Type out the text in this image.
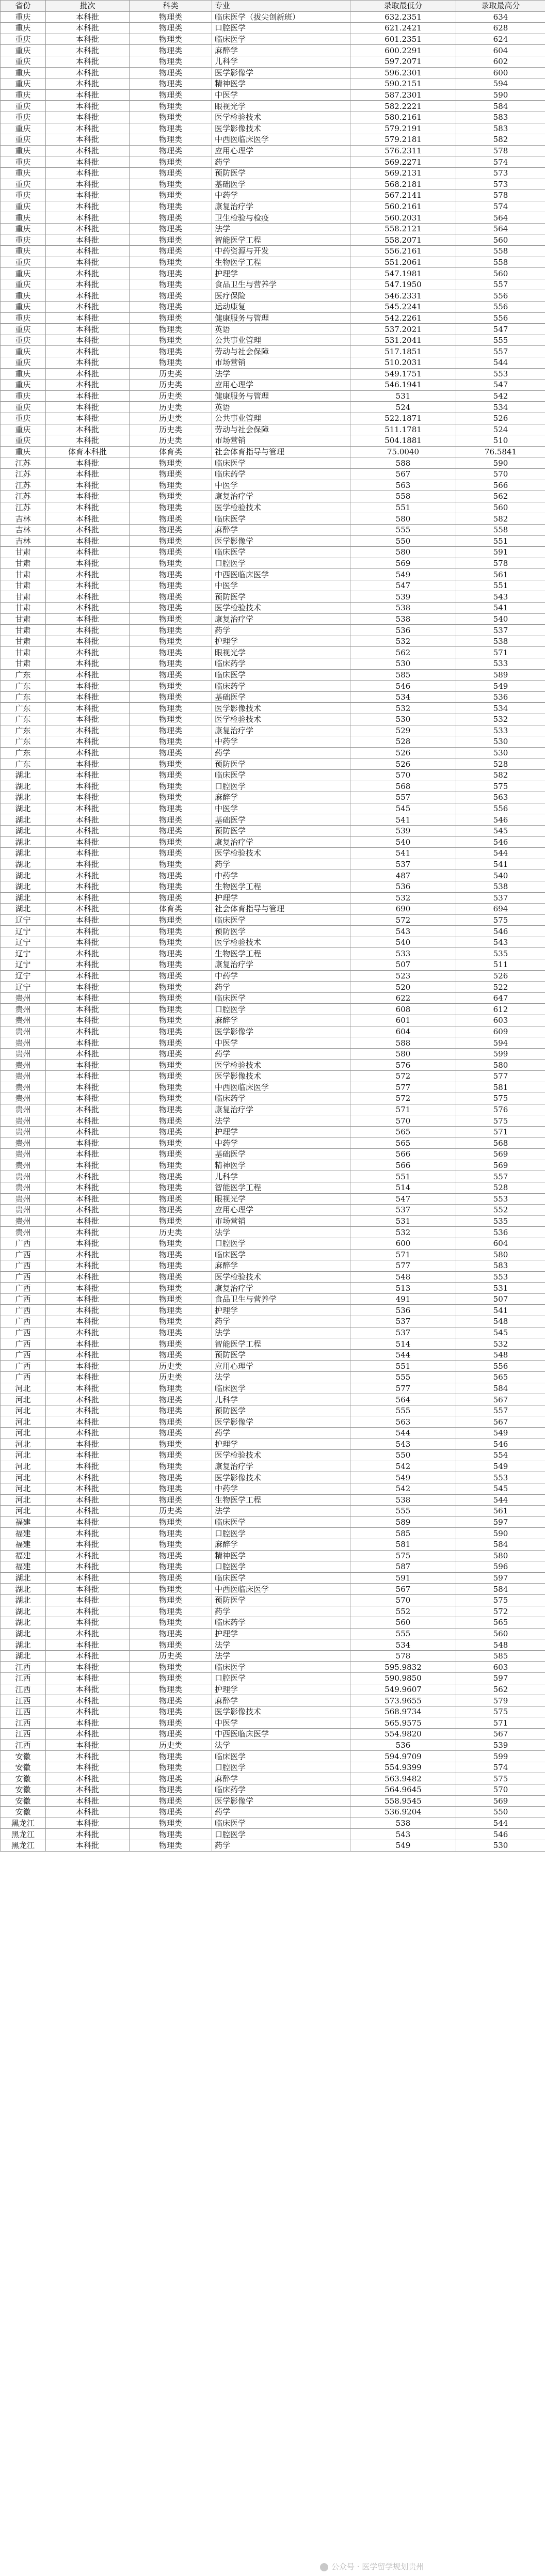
省份	批次	科类	专业	录取最低分	录取最高分
重庆	本科批	物理类	临床医学（拔尖创新班）	632.2351	634
重庆	本科批	物理类	口腔医学	621.2421	628
重庆	本科批	物理类	临床医学	601.2351	624
重庆	本科批	物理类	麻醉学	600.2291	604
重庆	本科批	物理类	儿科学	597.2071	602
重庆	本科批	物理类	医学影像学	596.2301	600
重庆	本科批	物理类	精神医学	590.2151	594
重庆	本科批	物理类	中医学	587.2301	590
重庆	本科批	物理类	眼视光学	582.2221	584
重庆	本科批	物理类	医学检验技术	580.2161	583
重庆	本科批	物理类	医学影像技术	579.2191	583
重庆	本科批	物理类	中西医临床医学	579.2181	582
重庆	本科批	物理类	应用心理学	576.2311	578
重庆	本科批	物理类	药学	569.2271	574
重庆	本科批	物理类	预防医学	569.2131	573
重庆	本科批	物理类	基础医学	568.2181	573
重庆	本科批	物理类	中药学	567.2141	578
重庆	本科批	物理类	康复治疗学	560.2161	574
重庆	本科批	物理类	卫生检验与检疫	560.2031	564
重庆	本科批	物理类	法学	558.2121	564
重庆	本科批	物理类	智能医学工程	558.2071	560
重庆	本科批	物理类	中药资源与开发	556.2161	558
重庆	本科批	物理类	生物医学工程	551.2061	558
重庆	本科批	物理类	护理学	547.1981	560
重庆	本科批	物理类	食品卫生与营养学	547.1950	557
重庆	本科批	物理类	医疗保险	546.2331	556
重庆	本科批	物理类	运动康复	545.2241	556
重庆	本科批	物理类	健康服务与管理	542.2261	556
重庆	本科批	物理类	英语	537.2021	547
重庆	本科批	物理类	公共事业管理	531.2041	555
重庆	本科批	物理类	劳动与社会保障	517.1851	557
重庆	本科批	物理类	市场营销	510.2031	544
重庆	本科批	历史类	法学	549.1751	553
重庆	本科批	历史类	应用心理学	546.1941	547
重庆	本科批	历史类	健康服务与管理	531	542
重庆	本科批	历史类	英语	524	534
重庆	本科批	历史类	公共事业管理	522.1871	526
重庆	本科批	历史类	劳动与社会保障	511.1781	524
重庆	本科批	历史类	市场营销	504.1881	510
重庆	体育本科批	体育类	社会体育指导与管理	75.0040	76.5841
江苏	本科批	物理类	临床医学	588	590
江苏	本科批	物理类	临床药学	567	570
江苏	本科批	物理类	中医学	563	566
江苏	本科批	物理类	康复治疗学	558	562
江苏	本科批	物理类	医学检验技术	551	560
吉林	本科批	物理类	临床医学	580	582
吉林	本科批	物理类	麻醉学	555	558
吉林	本科批	物理类	医学影像学	550	551
甘肃	本科批	物理类	临床医学	580	591
甘肃	本科批	物理类	口腔医学	569	578
甘肃	本科批	物理类	中西医临床医学	549	561
甘肃	本科批	物理类	中医学	547	551
甘肃	本科批	物理类	预防医学	539	543
甘肃	本科批	物理类	医学检验技术	538	541
甘肃	本科批	物理类	康复治疗学	538	540
甘肃	本科批	物理类	药学	536	537
甘肃	本科批	物理类	护理学	532	538
甘肃	本科批	物理类	眼视光学	562	571
甘肃	本科批	物理类	临床药学	530	533
广东	本科批	物理类	临床医学	585	589
广东	本科批	物理类	临床药学	546	549
广东	本科批	物理类	基础医学	534	536
广东	本科批	物理类	医学影像技术	532	534
广东	本科批	物理类	医学检验技术	530	532
广东	本科批	物理类	康复治疗学	529	533
广东	本科批	物理类	中药学	528	530
广东	本科批	物理类	药学	526	530
广东	本科批	物理类	预防医学	526	528
湖北	本科批	物理类	临床医学	570	582
湖北	本科批	物理类	口腔医学	568	575
湖北	本科批	物理类	麻醉学	557	563
湖北	本科批	物理类	中医学	545	556
湖北	本科批	物理类	基础医学	541	546
湖北	本科批	物理类	预防医学	539	545
湖北	本科批	物理类	康复治疗学	540	546
湖北	本科批	物理类	医学检验技术	541	544
湖北	本科批	物理类	药学	537	541
湖北	本科批	物理类	中药学	487	540
湖北	本科批	物理类	生物医学工程	536	538
湖北	本科批	物理类	护理学	532	537
湖北	本科批	体育类	社会体育指导与管理	690	694
辽宁	本科批	物理类	临床医学	572	575
辽宁	本科批	物理类	预防医学	543	546
辽宁	本科批	物理类	医学检验技术	540	543
辽宁	本科批	物理类	生物医学工程	533	535
辽宁	本科批	物理类	康复治疗学	507	511
辽宁	本科批	物理类	中药学	523	526
辽宁	本科批	物理类	药学	520	522
贵州	本科批	物理类	临床医学	622	647
贵州	本科批	物理类	口腔医学	608	612
贵州	本科批	物理类	麻醉学	601	603
贵州	本科批	物理类	医学影像学	604	609
贵州	本科批	物理类	中医学	588	594
贵州	本科批	物理类	药学	580	599
贵州	本科批	物理类	医学检验技术	576	580
贵州	本科批	物理类	医学影像技术	572	577
贵州	本科批	物理类	中西医临床医学	577	581
贵州	本科批	物理类	临床药学	572	575
贵州	本科批	物理类	康复治疗学	571	576
贵州	本科批	物理类	法学	570	575
贵州	本科批	物理类	护理学	565	571
贵州	本科批	物理类	中药学	565	568
贵州	本科批	物理类	基础医学	566	569
贵州	本科批	物理类	精神医学	566	569
贵州	本科批	物理类	儿科学	551	557
贵州	本科批	物理类	智能医学工程	514	528
贵州	本科批	物理类	眼视光学	547	553
贵州	本科批	物理类	应用心理学	537	552
贵州	本科批	物理类	市场营销	531	535
贵州	本科批	历史类	法学	532	536
广西	本科批	物理类	口腔医学	600	604
广西	本科批	物理类	临床医学	571	580
广西	本科批	物理类	麻醉学	577	583
广西	本科批	物理类	医学检验技术	548	553
广西	本科批	物理类	康复治疗学	513	531
广西	本科批	物理类	食品卫生与营养学	491	507
广西	本科批	物理类	护理学	536	541
广西	本科批	物理类	药学	537	548
广西	本科批	物理类	法学	537	545
广西	本科批	物理类	智能医学工程	514	532
广西	本科批	物理类	预防医学	544	548
广西	本科批	历史类	应用心理学	551	556
广西	本科批	历史类	法学	555	565
河北	本科批	物理类	临床医学	577	584
河北	本科批	物理类	儿科学	564	567
河北	本科批	物理类	预防医学	555	557
河北	本科批	物理类	医学影像学	563	567
河北	本科批	物理类	药学	544	549
河北	本科批	物理类	护理学	543	546
河北	本科批	物理类	医学检验技术	550	554
河北	本科批	物理类	康复治疗学	542	549
河北	本科批	物理类	医学影像技术	549	553
河北	本科批	物理类	中药学	542	545
河北	本科批	物理类	生物医学工程	538	544
河北	本科批	历史类	法学	555	561
福建	本科批	物理类	临床医学	589	597
福建	本科批	物理类	口腔医学	585	590
福建	本科批	物理类	麻醉学	581	584
福建	本科批	物理类	精神医学	575	580
福建	本科批	物理类	口腔医学	587	596
湖北	本科批	物理类	临床医学	591	597
湖北	本科批	物理类	中西医临床医学	567	584
湖北	本科批	物理类	预防医学	570	575
湖北	本科批	物理类	药学	552	572
湖北	本科批	物理类	临床药学	560	565
湖北	本科批	物理类	护理学	555	560
湖北	本科批	物理类	法学	534	548
湖北	本科批	历史类	法学	578	585
江西	本科批	物理类	临床医学	595.9832	603
江西	本科批	物理类	口腔医学	590.9850	597
江西	本科批	物理类	护理学	549.9607	562
江西	本科批	物理类	麻醉学	573.9655	579
江西	本科批	物理类	医学影像技术	568.9734	575
江西	本科批	物理类	中医学	565.9575	571
江西	本科批	物理类	中西医临床医学	554.9820	567
江西	本科批	历史类	法学	536	539
安徽	本科批	物理类	临床医学	594.9709	599
安徽	本科批	物理类	口腔医学	554.9399	574
安徽	本科批	物理类	麻醉学	563.9482	575
安徽	本科批	物理类	临床药学	564.9645	570
安徽	本科批	物理类	医学影像学	558.9545	569
安徽	本科批	物理类	药学	536.9204	550
黑龙江	本科批	物理类	临床医学	538	544
黑龙江	本科批	物理类	口腔医学	543	546
黑龙江	本科批	物理类	药学	549	530
公众号 · 医学留学规划贵州
